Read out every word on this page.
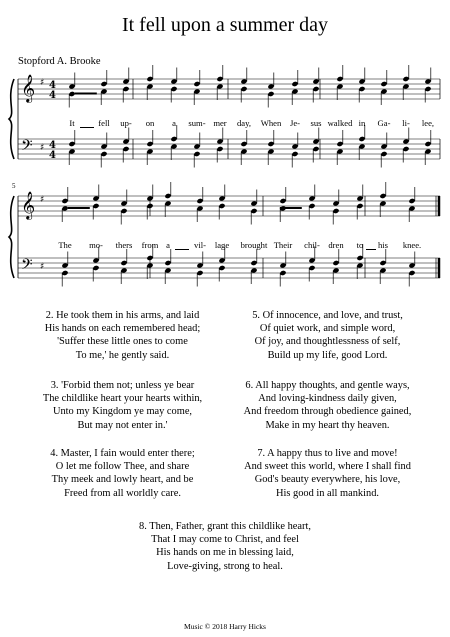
It fell upon a summer day
Stopford A. Brooke
5
𝄞
𝄢
♯
♯
4
4
4
4
𝄞
𝄢
♯
♯
It	fell up- on a sum- mer day, When Je- sus walked in Ga- li- lee,
The mo- thers from a	vil- lage brought Their chil- dren to his knee.
2. He took them in his arms, and laid
His hands on each remembered head;
'Suffer these little ones to come
To me,' he gently said.
3. 'Forbid them not; unless ye bear
The childlike heart your hearts within,
Unto my Kingdom ye may come,
But may not enter in.'
4. Master, I fain would enter there;
O let me follow Thee, and share
Thy meek and lowly heart, and be
Freed from all worldly care.
5. Of innocence, and love, and trust,
Of quiet work, and simple word,
Of joy, and thoughtlessness of self,
Build up my life, good Lord.
6. All happy thoughts, and gentle ways,
And loving-kindness daily given,
And freedom through obedience gained,
Make in my heart thy heaven.
7. A happy thus to live and move!
And sweet this world, where I shall find
God's beauty everywhere, his love,
His good in all mankind.
8. Then, Father, grant this childlike heart,
That I may come to Christ, and feel
His hands on me in blessing laid,
Love-giving, strong to heal.
Music © 2018 Harry Hicks
